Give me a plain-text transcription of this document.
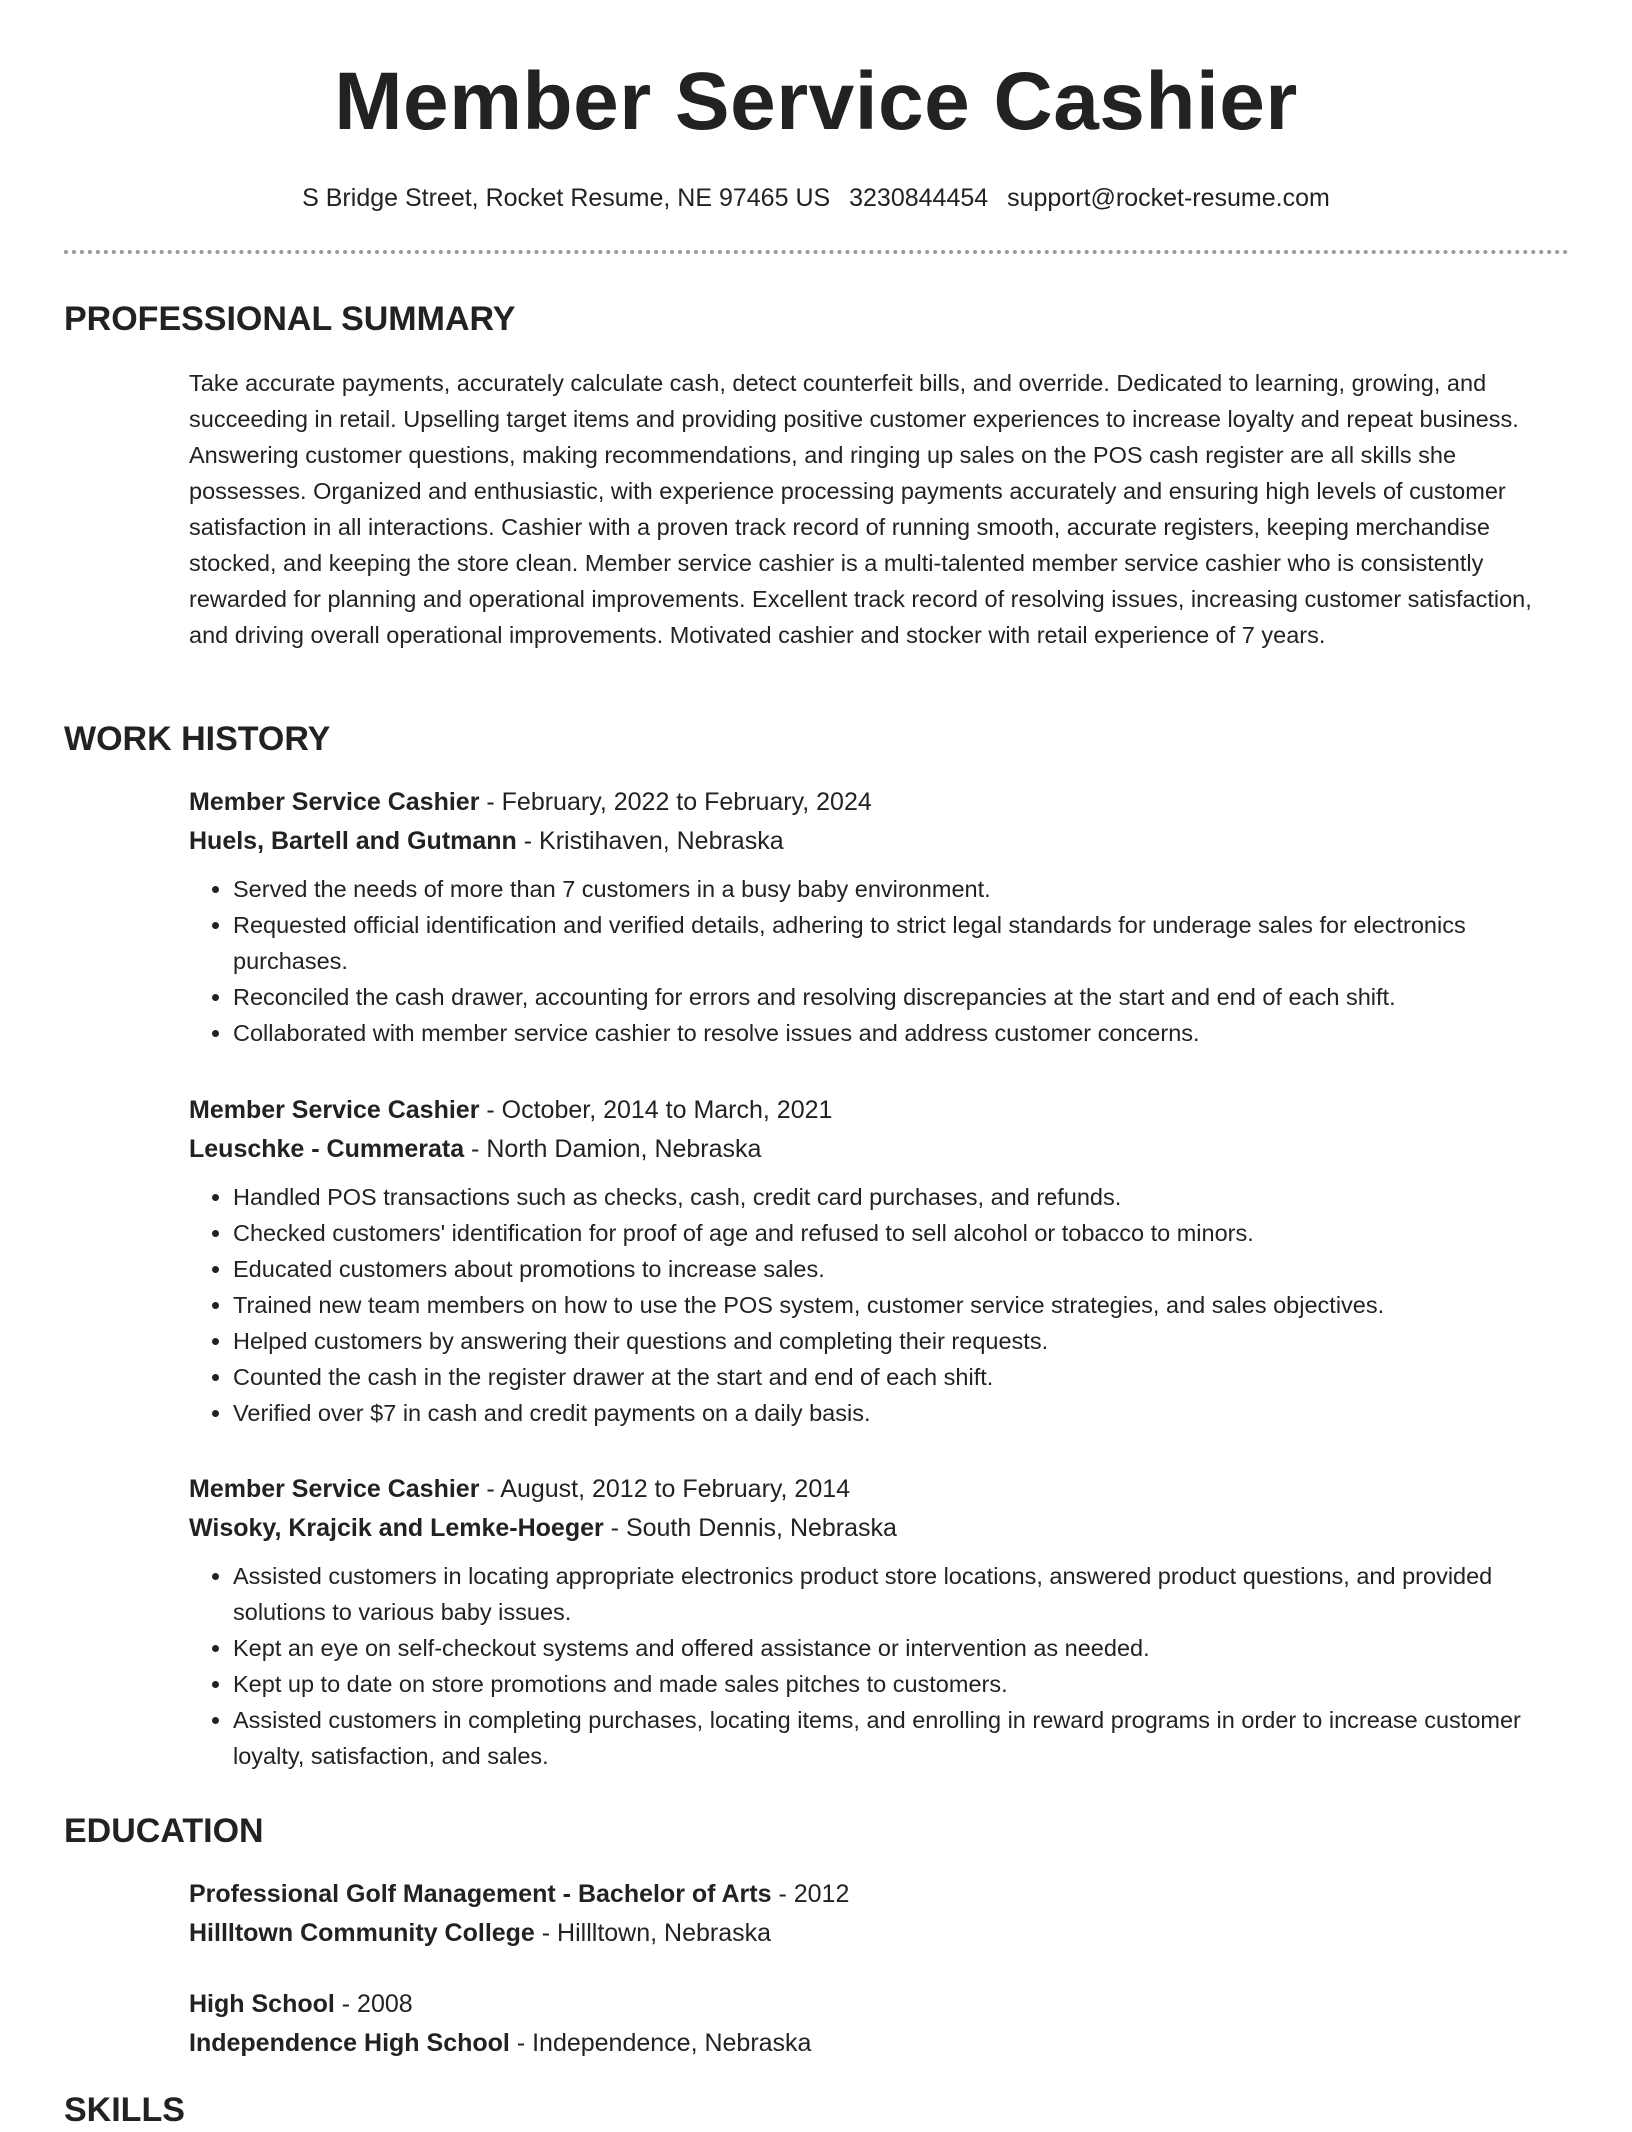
Member Service Cashier
S Bridge Street, Rocket Resume, NE 97465 US 3230844454 support@rocket-resume.com
PROFESSIONAL SUMMARY

Take accurate payments, accurately calculate cash, detect counterfeit bills, and override. Dedicated to learning, growing, and succeeding in retail. Upselling target items and providing positive customer experiences to increase loyalty and repeat business. Answering customer questions, making recommendations, and ringing up sales on the POS cash register are all skills she possesses. Organized and enthusiastic, with experience processing payments accurately and ensuring high levels of customer satisfaction in all interactions. Cashier with a proven track record of running smooth, accurate registers, keeping merchandise stocked, and keeping the store clean. Member service cashier is a multi-talented member service cashier who is consistently rewarded for planning and operational improvements. Excellent track record of resolving issues, increasing customer satisfaction, and driving overall operational improvements. Motivated cashier and stocker with retail experience of 7 years.

WORK HISTORY

Member Service Cashier - February, 2022 to February, 2024

Huels, Bartell and Gutmann - Kristihaven, Nebraska

• Served the needs of more than 7 customers in a busy baby environment.
• Requested official identification and verified details, adhering to strict legal standards for underage sales for electronics purchases.
• Reconciled the cash drawer, accounting for errors and resolving discrepancies at the start and end of each shift.
• Collaborated with member service cashier to resolve issues and address customer concerns.

Member Service Cashier - October, 2014 to March, 2021

Leuschke - Cummerata - North Damion, Nebraska

• Handled POS transactions such as checks, cash, credit card purchases, and refunds.
• Checked customers' identification for proof of age and refused to sell alcohol or tobacco to minors.
• Educated customers about promotions to increase sales.
• Trained new team members on how to use the POS system, customer service strategies, and sales objectives.
• Helped customers by answering their questions and completing their requests.
• Counted the cash in the register drawer at the start and end of each shift.
• Verified over $7 in cash and credit payments on a daily basis.

Member Service Cashier - August, 2012 to February, 2014

Wisoky, Krajcik and Lemke-Hoeger - South Dennis, Nebraska

• Assisted customers in locating appropriate electronics product store locations, answered product questions, and provided solutions to various baby issues.
• Kept an eye on self-checkout systems and offered assistance or intervention as needed.
• Kept up to date on store promotions and made sales pitches to customers.
• Assisted customers in completing purchases, locating items, and enrolling in reward programs in order to increase customer loyalty, satisfaction, and sales.
EDUCATION

Professional Golf Management - Bachelor of Arts - 2012

Hillltown Community College - Hillltown, Nebraska

High School - 2008

Independence High School - Independence, Nebraska

SKILLS
